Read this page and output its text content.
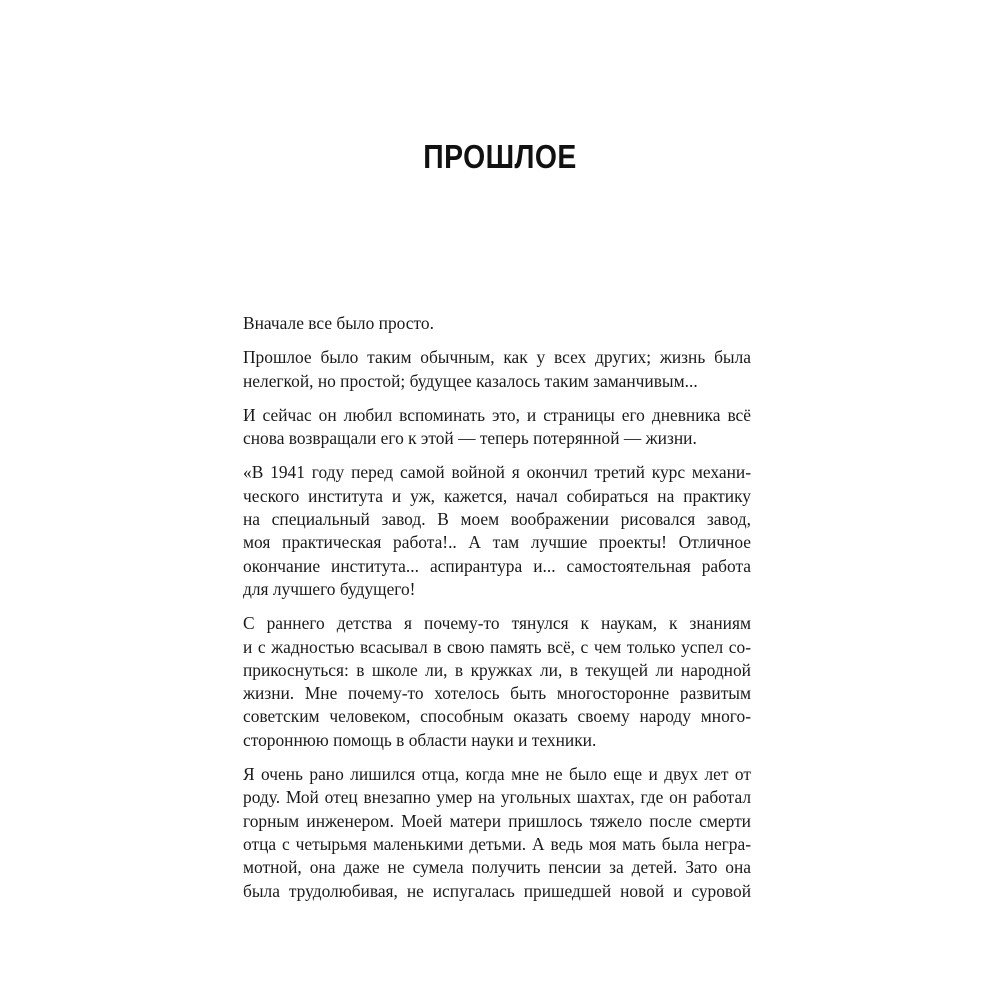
ПРОШЛОЕ
Вначале все было просто.
Прошлое было таким обычным, как у всех других; жизнь была
нелегкой, но простой; будущее казалось таким заманчивым...
И сейчас он любил вспоминать это, и страницы его дневника всё
снова возвращали его к этой — теперь потерянной — жизни.
«В 1941 году перед самой войной я окончил третий курс механи-
ческого института и уж, кажется, начал собираться на практику
на специальный завод. В моем воображении рисовался завод,
моя практическая работа!.. А там лучшие проекты! Отличное
окончание института... аспирантура и... самостоятельная работа
для лучшего будущего!
С раннего детства я почему-то тянулся к наукам, к знаниям
и с жадностью всасывал в свою память всё, с чем только успел со-
прикоснуться: в школе ли, в кружках ли, в текущей ли народной
жизни. Мне почему-то хотелось быть многосторонне развитым
советским человеком, способным оказать своему народу много-
стороннюю помощь в области науки и техники.
Я очень рано лишился отца, когда мне не было еще и двух лет от
роду. Мой отец внезапно умер на угольных шахтах, где он работал
горным инженером. Моей матери пришлось тяжело после смерти
отца с четырьмя маленькими детьми. А ведь моя мать была негра-
мотной, она даже не сумела получить пенсии за детей. Зато она
была трудолюбивая, не испугалась пришедшей новой и суровой
